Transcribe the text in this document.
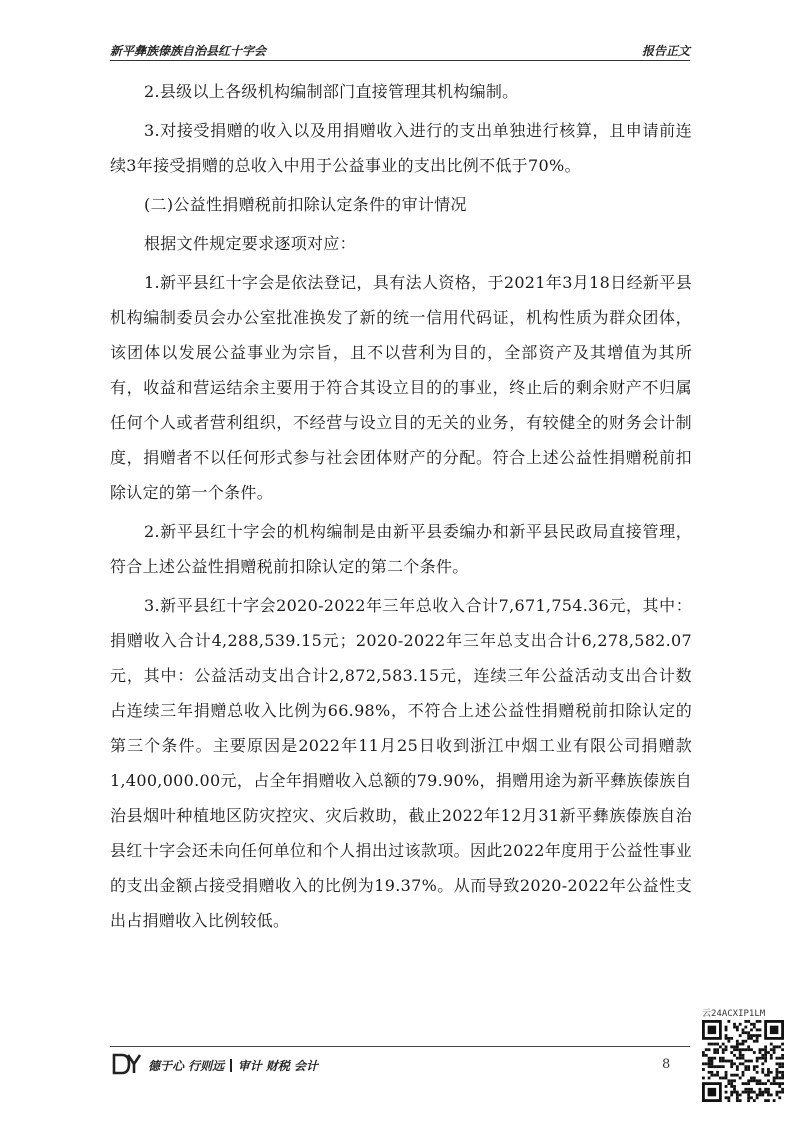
新平彝族傣族自治县红十字会	报告正文

2.县级以上各级机构编制部门直接管理其机构编制。

3.对接受捐赠的收入以及用捐赠收入进行的支出单独进行核算，且申请前连续3年接受捐赠的总收入中用于公益事业的支出比例不低于70%。

(二)公益性捐赠税前扣除认定条件的审计情况

根据文件规定要求逐项对应：

1.新平县红十字会是依法登记，具有法人资格，于2021年3月18日经新平县机构编制委员会办公室批准换发了新的统一信用代码证，机构性质为群众团体，该团体以发展公益事业为宗旨，且不以营利为目的，全部资产及其增值为其所有，收益和营运结余主要用于符合其设立目的的事业，终止后的剩余财产不归属任何个人或者营利组织，不经营与设立目的无关的业务，有较健全的财务会计制度，捐赠者不以任何形式参与社会团体财产的分配。符合上述公益性捐赠税前扣除认定的第一个条件。

2.新平县红十字会的机构编制是由新平县委编办和新平县民政局直接管理，符合上述公益性捐赠税前扣除认定的第二个条件。

3.新平县红十字会2020-2022年三年总收入合计7,671,754.36元，其中：捐赠收入合计4,288,539.15元；2020-2022年三年总支出合计6,278,582.07元，其中：公益活动支出合计2,872,583.15元，连续三年公益活动支出合计数占连续三年捐赠总收入比例为66.98%，不符合上述公益性捐赠税前扣除认定的第三个条件。主要原因是2022年11月25日收到浙江中烟工业有限公司捐赠款1,400,000.00元，占全年捐赠收入总额的79.90%，捐赠用途为新平彝族傣族自治县烟叶种植地区防灾控灾、灾后救助，截止2022年12月31新平彝族傣族自治县红十字会还未向任何单位和个人捐出过该款项。因此2022年度用于公益性事业的支出金额占接受捐赠收入的比例为19.37%。从而导致2020-2022年公益性支出占捐赠收入比例较低。

德于心 行则远 审计 财税 会计	8
云24ACXIP1LM
